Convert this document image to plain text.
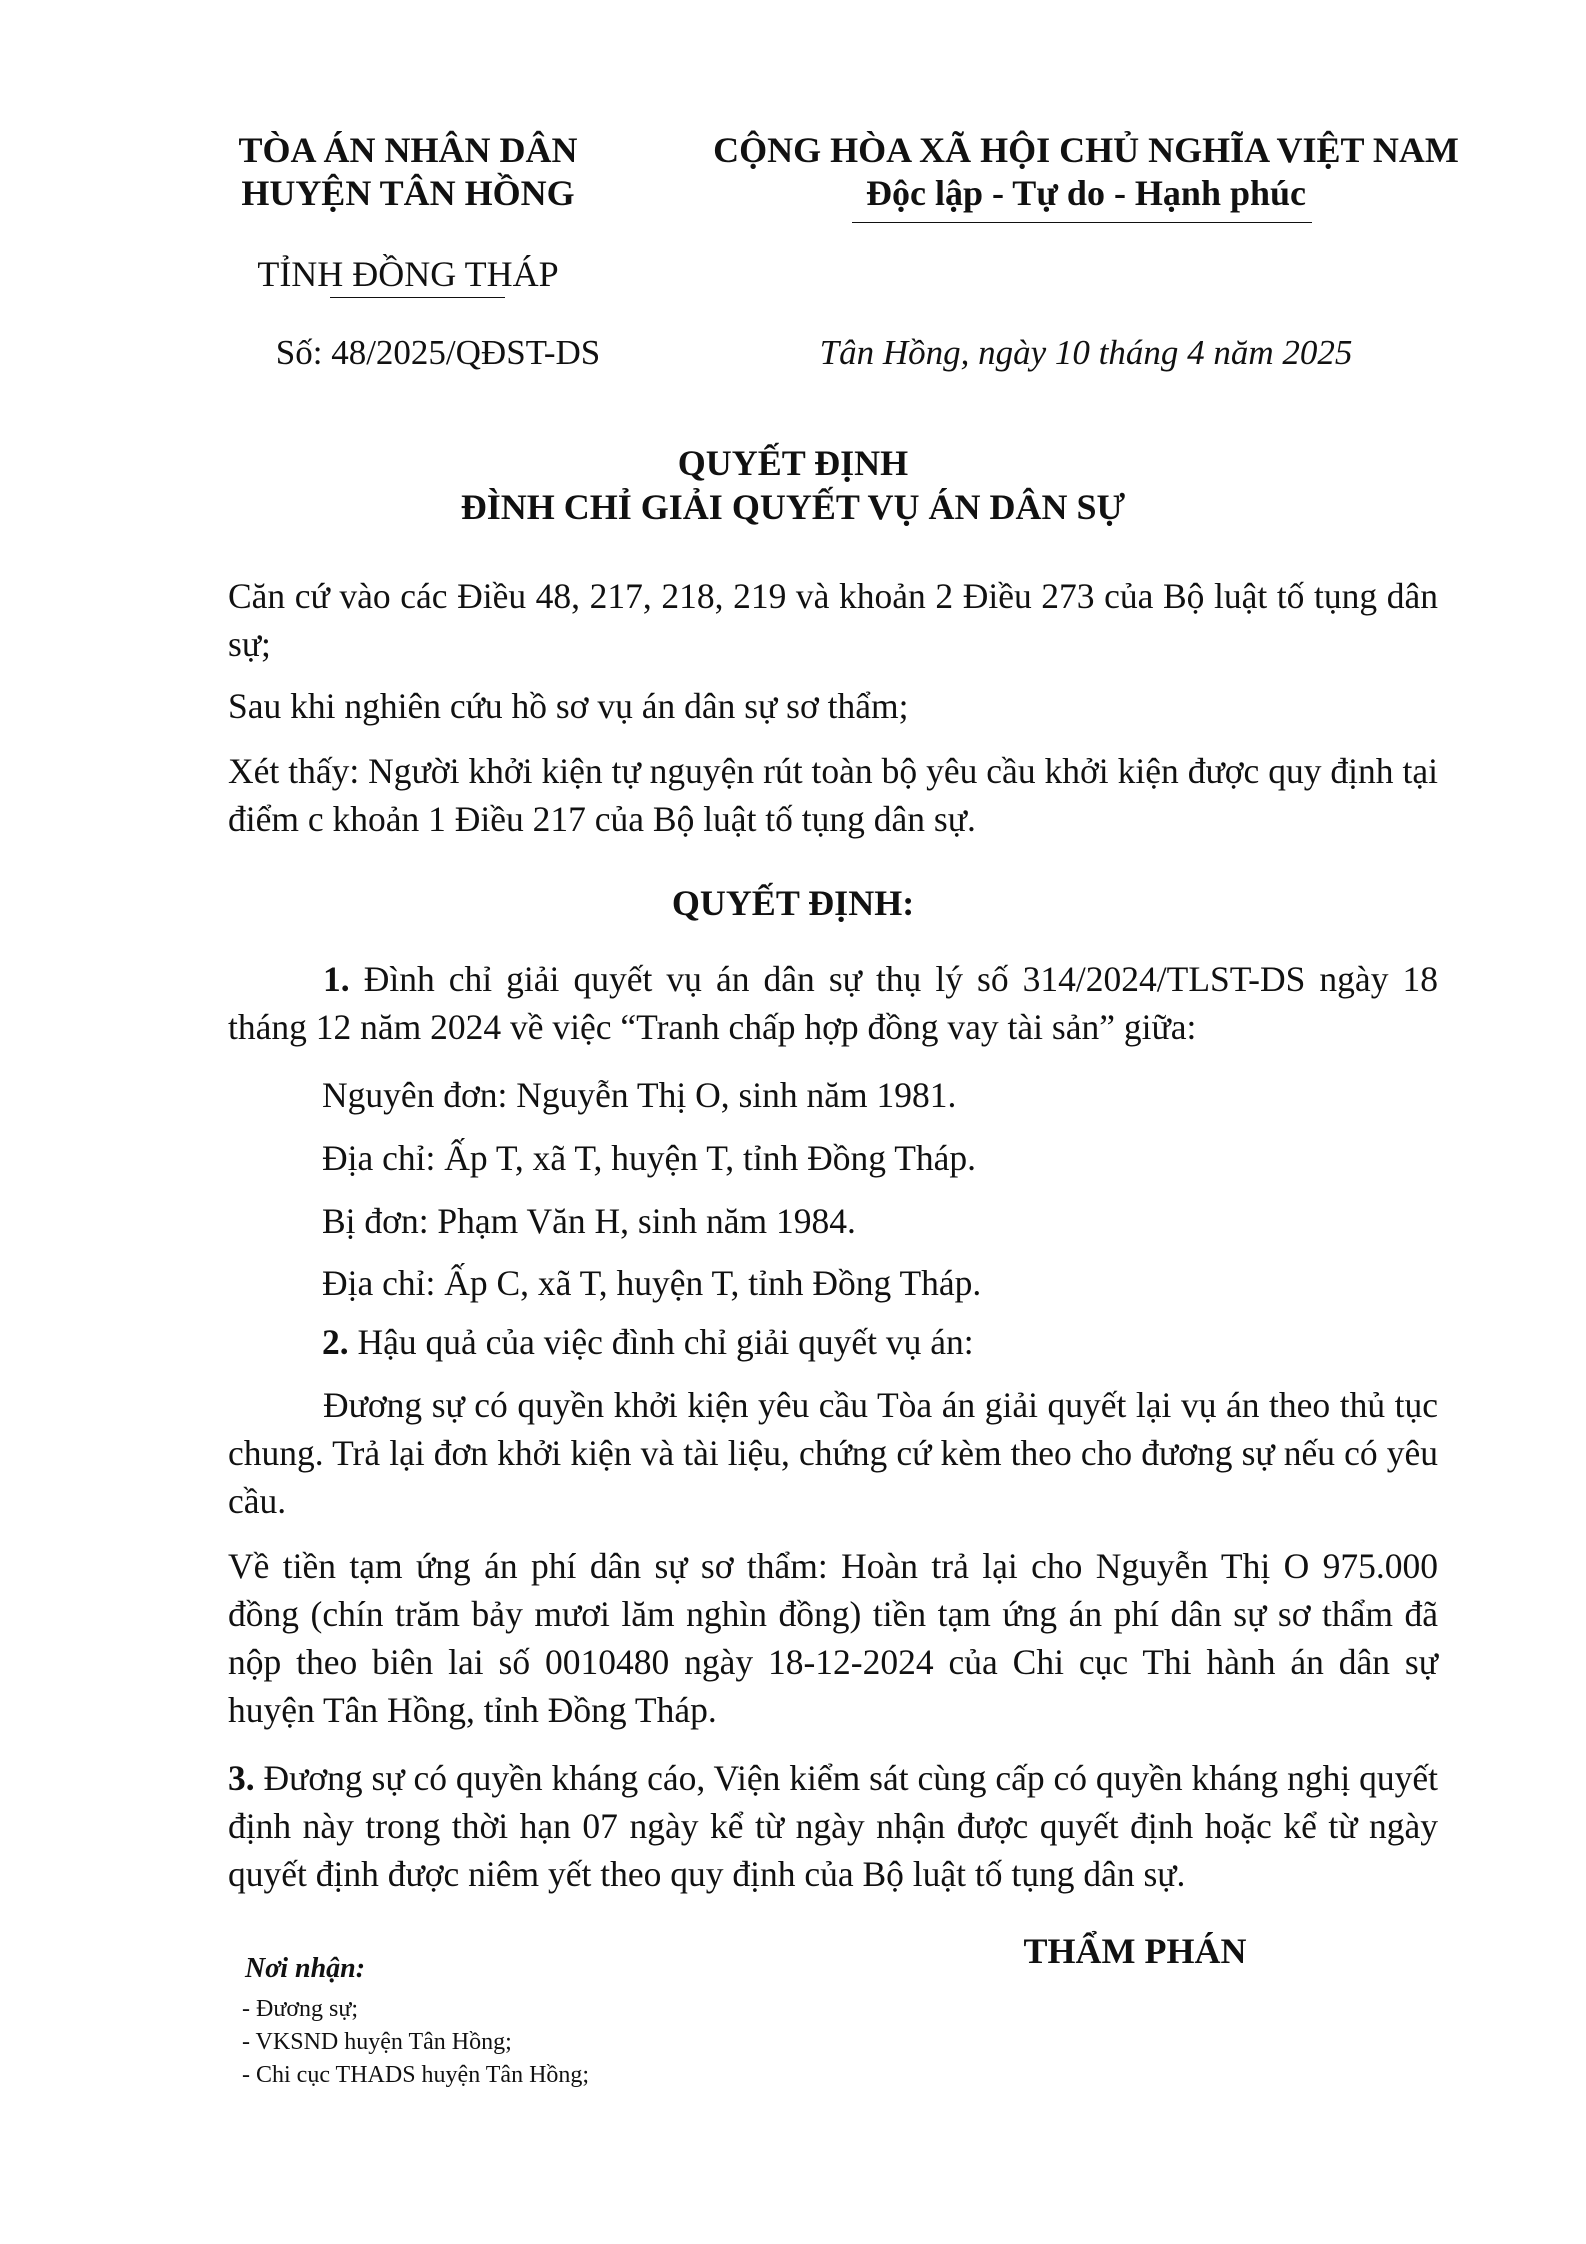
TÒA ÁN NHÂN DÂN
HUYỆN TÂN HỒNG
TỈNH ĐỒNG THÁP
CỘNG HÒA XÃ HỘI CHỦ NGHĨA VIỆT NAM
Độc lập - Tự do - Hạnh phúc
Số: 48/2025/QĐST-DS	Tân Hồng, ngày 10 tháng 4 năm 2025
QUYẾT ĐỊNH
ĐÌNH CHỈ GIẢI QUYẾT VỤ ÁN DÂN SỰ
Căn cứ vào các Điều 48, 217, 218, 219 và khoản 2 Điều 273 của Bộ luật tố tụng dân sự;
Sau khi nghiên cứu hồ sơ vụ án dân sự sơ thẩm;
Xét thấy: Người khởi kiện tự nguyện rút toàn bộ yêu cầu khởi kiện được quy định tại điểm c khoản 1 Điều 217 của Bộ luật tố tụng dân sự.
QUYẾT ĐỊNH:
1. Đình chỉ giải quyết vụ án dân sự thụ lý số 314/2024/TLST-DS ngày 18 tháng 12 năm 2024 về việc “Tranh chấp hợp đồng vay tài sản” giữa:
Nguyên đơn: Nguyễn Thị O, sinh năm 1981.
Địa chỉ: Ấp T, xã T, huyện T, tỉnh Đồng Tháp.
Bị đơn: Phạm Văn H, sinh năm 1984.
Địa chỉ: Ấp C, xã T, huyện T, tỉnh Đồng Tháp.
2. Hậu quả của việc đình chỉ giải quyết vụ án:
Đương sự có quyền khởi kiện yêu cầu Tòa án giải quyết lại vụ án theo thủ tục chung. Trả lại đơn khởi kiện và tài liệu, chứng cứ kèm theo cho đương sự nếu có yêu cầu.
Về tiền tạm ứng án phí dân sự sơ thẩm: Hoàn trả lại cho Nguyễn Thị O 975.000 đồng (chín trăm bảy mươi lăm nghìn đồng) tiền tạm ứng án phí dân sự sơ thẩm đã nộp theo biên lai số 0010480 ngày 18-12-2024 của Chi cục Thi hành án dân sự huyện Tân Hồng, tỉnh Đồng Tháp.
3. Đương sự có quyền kháng cáo, Viện kiểm sát cùng cấp có quyền kháng nghị quyết định này trong thời hạn 07 ngày kể từ ngày nhận được quyết định hoặc kể từ ngày quyết định được niêm yết theo quy định của Bộ luật tố tụng dân sự.
Nơi nhận:
- Đương sự;
- VKSND huyện Tân Hồng;
- Chi cục THADS huyện Tân Hồng;
THẨM PHÁN
